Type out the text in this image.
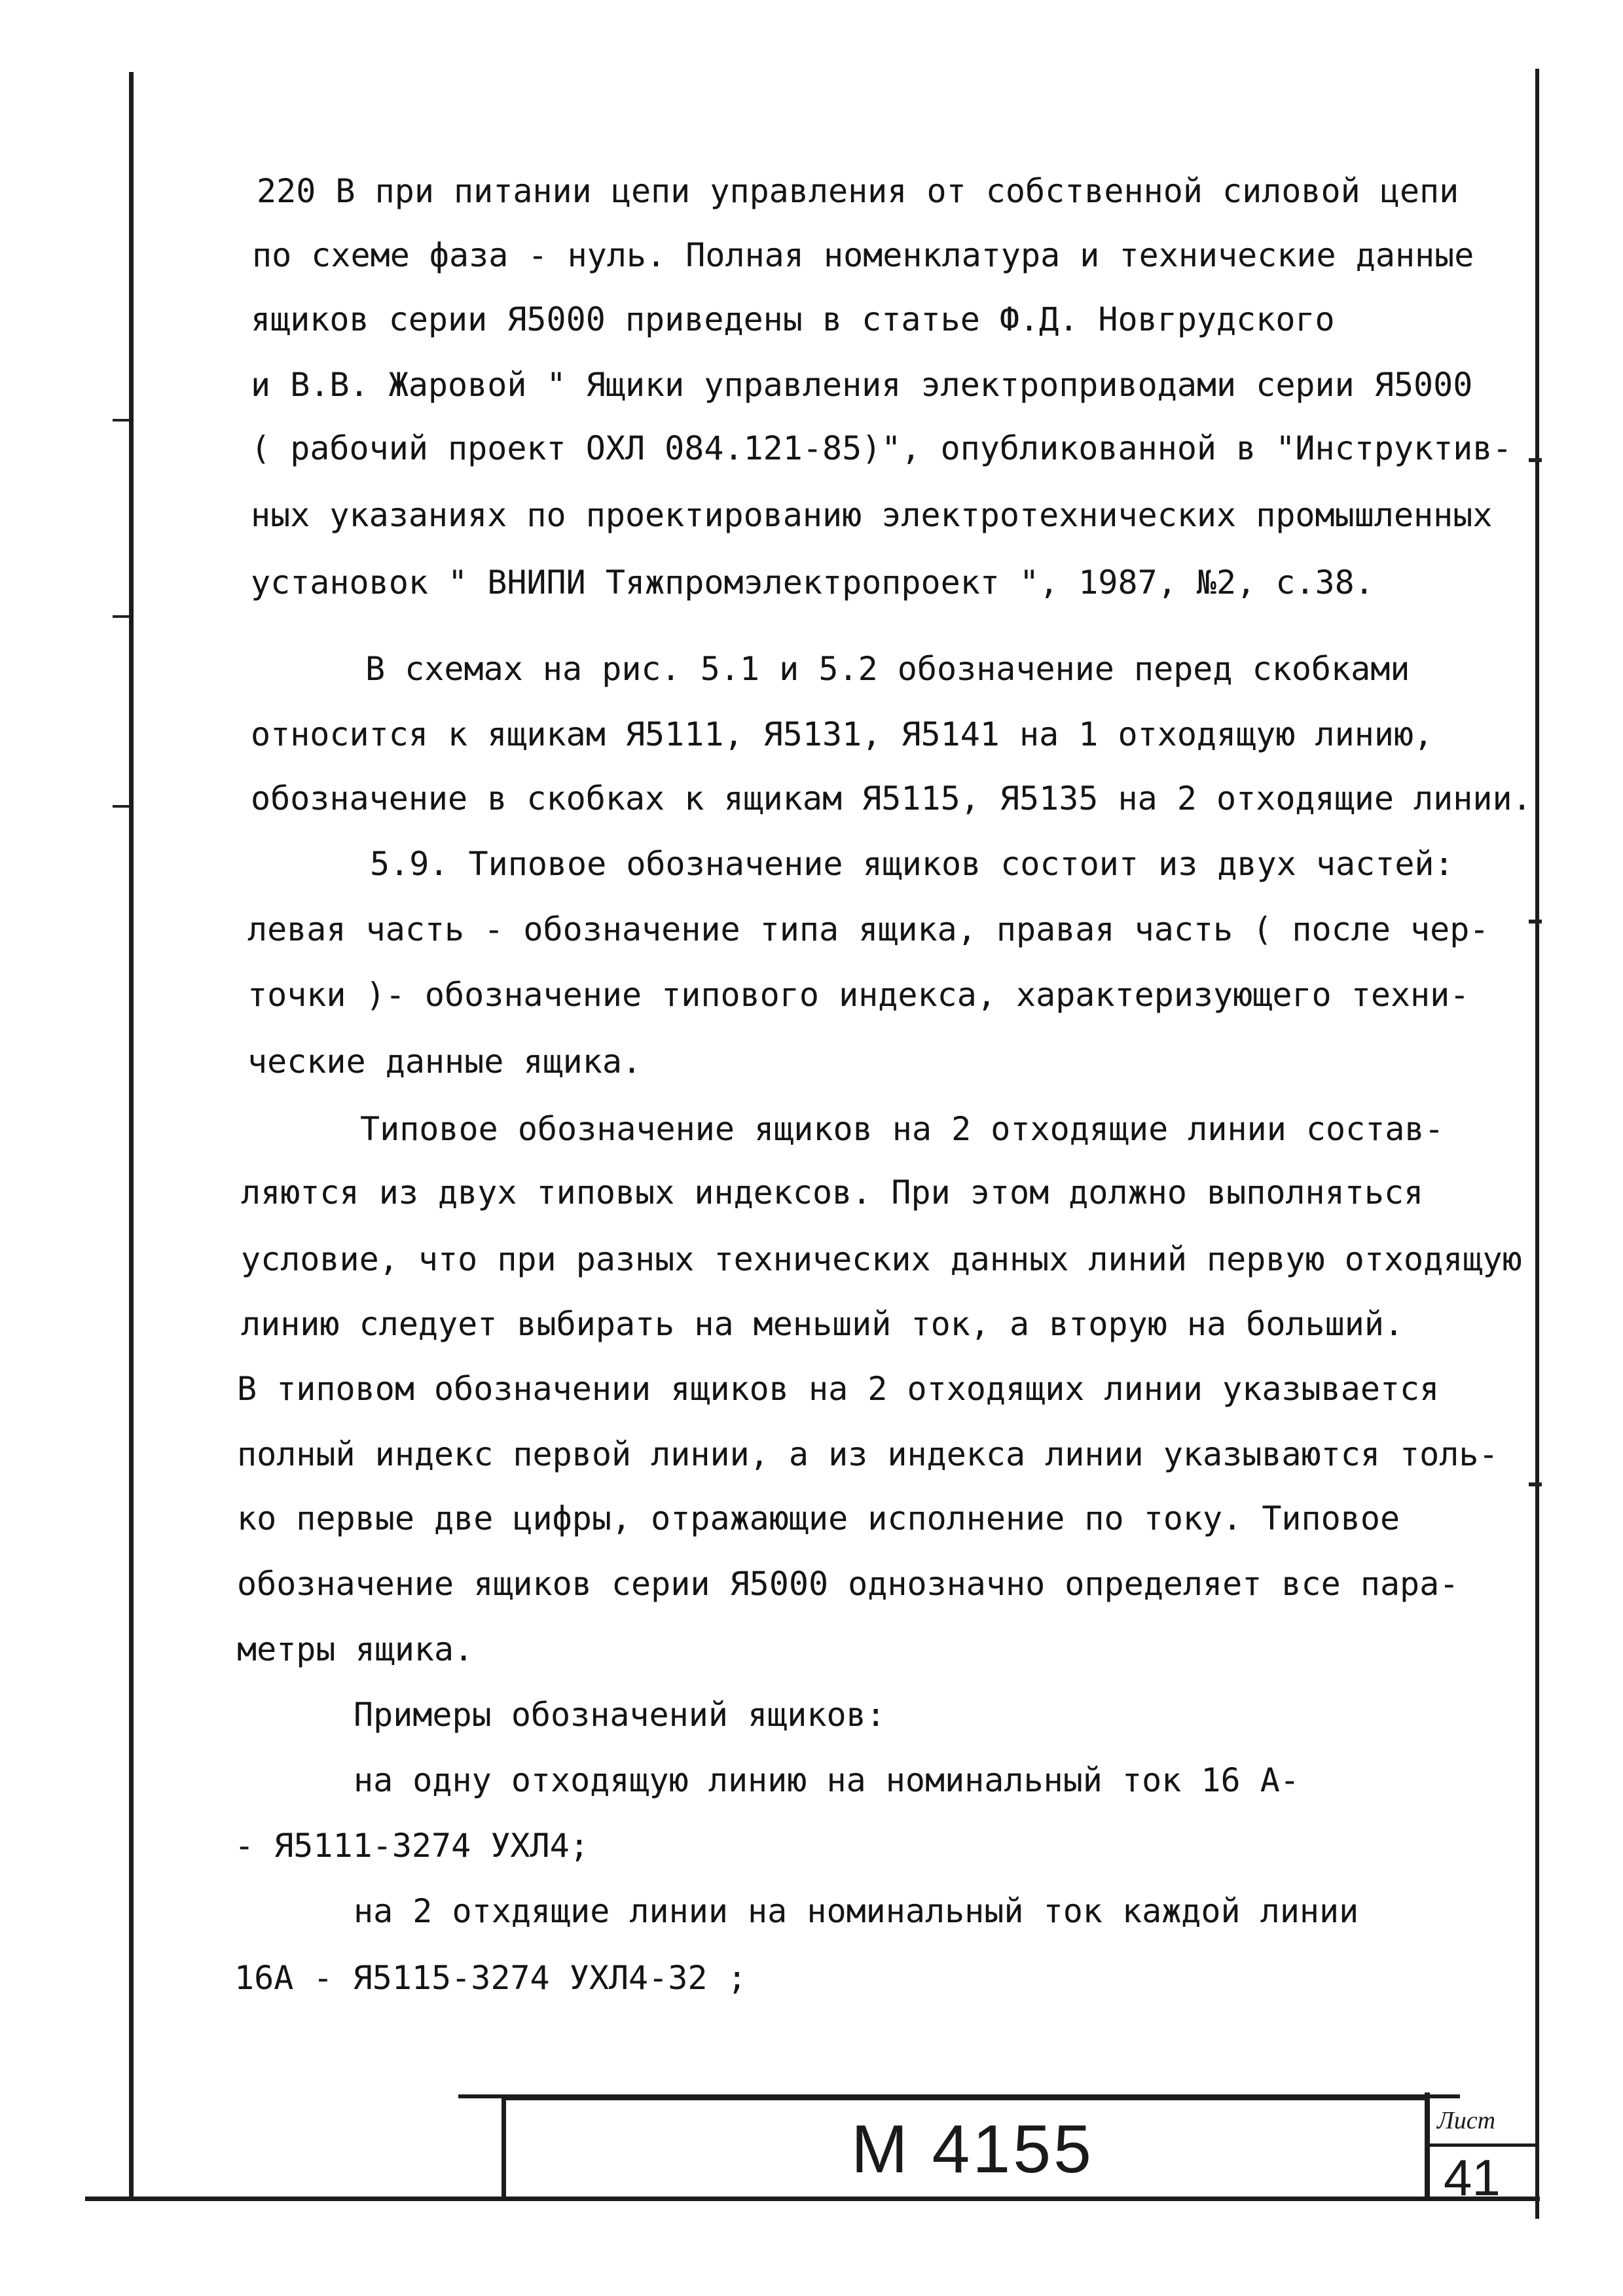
220 В при питании цепи управления от собственной силовой цепи
по схеме фаза - нуль. Полная номенклатура и технические данные
ящиков серии Я5000 приведены в статье Ф.Д. Новгрудского
и В.В. Жаровой " Ящики управления электроприводами серии Я5000
( рабочий проект ОХЛ 084.121-85)", опубликованной в "Инструктив-
ных указаниях по проектированию электротехнических промышленных
установок " ВНИПИ Тяжпромэлектропроект ", 1987, №2, с.38.
В схемах на рис. 5.1 и 5.2 обозначение перед скобками
относится к ящикам Я5111, Я5131, Я5141 на 1 отходящую линию,
обозначение в скобках к ящикам Я5115, Я5135 на 2 отходящие линии.
5.9. Типовое обозначение ящиков состоит из двух частей:
левая часть - обозначение типа ящика, правая часть ( после чер-
точки )- обозначение типового индекса, характеризующего техни-
ческие данные ящика.
Типовое обозначение ящиков на 2 отходящие линии состав-
ляются из двух типовых индексов. При этом должно выполняться
условие, что при разных технических данных линий первую отходящую
линию следует выбирать на меньший ток, а вторую на больший.
В типовом обозначении ящиков на 2 отходящих линии указывается
полный индекс первой линии, а из индекса линии указываются толь-
ко первые две цифры, отражающие исполнение по току. Типовое
обозначение ящиков серии Я5000 однозначно определяет все пара-
метры ящика.
Примеры обозначений ящиков:
на одну отходящую линию на номинальный ток 16 А-
- Я5111-3274 УХЛ4;
на 2 отхдящие линии на номинальный ток каждой линии
16А - Я5115-3274 УХЛ4-32 ;
М 4155	Лист
41
